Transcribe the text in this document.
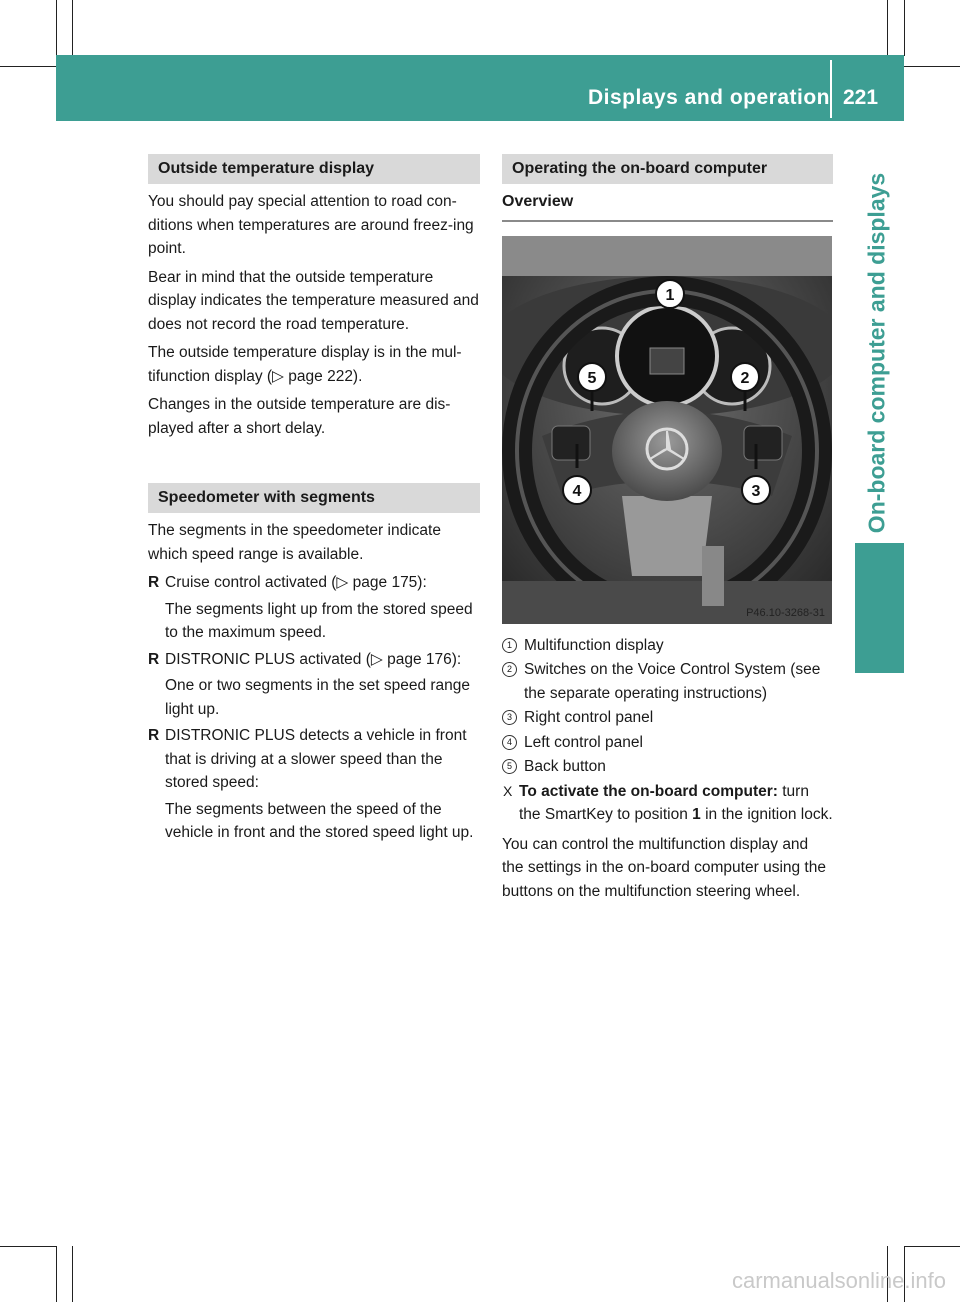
Displays and operation 221
On-board computer and displays
Outside temperature display

You should pay special attention to road con-ditions when temperatures are around freez-ing point.

Bear in mind that the outside temperature display indicates the temperature measured and does not record the road temperature.

The outside temperature display is in the mul-tifunction display (▷ page 222).

Changes in the outside temperature are dis-played after a short delay.

Speedometer with segments

The segments in the speedometer indicate which speed range is available.

R Cruise control activated (▷ page 175):
The segments light up from the stored speed to the maximum speed.
R DISTRONIC PLUS activated (▷ page 176):
One or two segments in the set speed range light up.
R DISTRONIC PLUS detects a vehicle in front that is driving at a slower speed than the stored speed:
The segments between the speed of the vehicle in front and the stored speed light up.
Operating the on-board computer
Overview
1
2
3
4
5
P46.10-3268-31
1 Multifunction display
2 Switches on the Voice Control System (see the separate operating instructions)
3 Right control panel
4 Left control panel
5 Back button
X To activate the on-board computer: turn the SmartKey to position 1 in the ignition lock.

You can control the multifunction display and the settings in the on-board computer using the buttons on the multifunction steering wheel.

carmanualsonline.info
